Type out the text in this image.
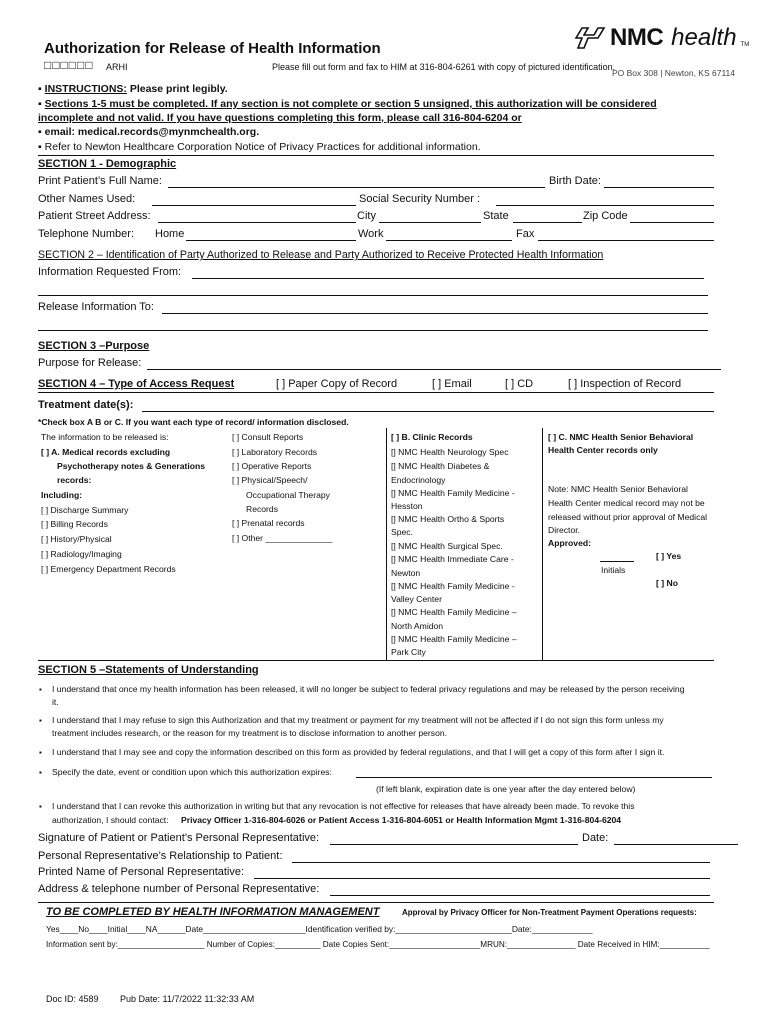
Authorization for Release of Health Information
□□□□□□ ARHI	Please fill out form and fax to HIM at 316-804-6261 with copy of pictured identification.
PO Box 308 | Newton, KS 67114
NMC health TM
▪ INSTRUCTIONS: Please print legibly.
▪ Sections 1-5 must be completed. If any section is not complete or section 5 unsigned, this authorization will be considered
incomplete and not valid. If you have questions completing this form, please call 316-804-6204 or
▪ email: medical.records@mynmchealth.org.
▪ Refer to Newton Healthcare Corporation Notice of Privacy Practices for additional information.
SECTION 1 - Demographic
Print Patient’s Full Name:	Birth Date:
Other Names Used:	Social Security Number :
Patient Street Address:	City	State	Zip Code
Telephone Number: Home	Work	Fax
SECTION 2 – Identification of Party Authorized to Release and Party Authorized to Receive Protected Health Information
Information Requested From:
Release Information To:
SECTION 3 –Purpose
Purpose for Release:
SECTION 4 – Type of Access Request	[ ] Paper Copy of Record	[ ] Email	[ ] CD	[ ] Inspection of Record
Treatment date(s):
*Check box A B or C. If you want each type of record/ information disclosed.
The information to be released is:
[ ] A. Medical records excluding
Psychotherapy notes & Generations
records:
Including:
[ ] Discharge Summary
[ ] Billing Records
[ ] History/Physical
[ ] Radiology/Imaging
[ ] Emergency Department Records
[ ] Consult Reports
[ ] Laboratory Records
[ ] Operative Reports
[ ] Physical/Speech/
Occupational Therapy
Records
[ ] Prenatal records
[ ] Other ______________
[ ] B. Clinic Records
[] NMC Health Neurology Spec
[] NMC Health Diabetes &
Endocrinology
[] NMC Health Family Medicine -
Hesston
[] NMC Health Ortho & Sports
Spec.
[] NMC Health Surgical Spec.
[] NMC Health Immediate Care -
Newton
[] NMC Health Family Medicine -
Valley Center
[] NMC Health Family Medicine –
North Amidon
[] NMC Health Family Medicine –
Park City
[ ] C. NMC Health Senior Behavioral
Health Center records only
Note: NMC Health Senior Behavioral
Health Center medical record may not be
released without prior approval of Medical
Director.
Approved:
Initials
[ ] Yes
[ ] No
SECTION 5 –Statements of Understanding
▪ I understand that once my health information has been released, it will no longer be subject to federal privacy regulations and may be released by the person receiving
it.
▪ I understand that I may refuse to sign this Authorization and that my treatment or payment for my treatment will not be affected if I do not sign this form unless my
treatment includes research, or the reason for my treatment is to disclose information to another person.
▪ I understand that I may see and copy the information described on this form as provided by federal regulations, and that I will get a copy of this form after I sign it.
▪ Specify the date, event or condition upon which this authorization expires:
(If left blank, expiration date is one year after the day entered below)
▪ I understand that I can revoke this authorization in writing but that any revocation is not effective for releases that have already been made. To revoke this
authorization, I should contact: Privacy Officer 1-316-804-6026 or Patient Access 1-316-804-6051 or Health Information Mgmt 1-316-804-6204
Signature of Patient or Patient’s Personal Representative:	Date:
Personal Representative’s Relationship to Patient:
Printed Name of Personal Representative:
Address & telephone number of Personal Representative:
TO BE COMPLETED BY HEALTH INFORMATION MANAGEMENT	Approval by Privacy Officer for Non-Treatment Payment Operations requests:
Yes____No____Initial____NA______Date______________________Identification verified by:_________________________Date:_____________
Information sent by:___________________ Number of Copies:__________ Date Copies Sent:____________________MRUN:_______________ Date Received in HIM:___________
Doc ID: 4589 Pub Date: 11/7/2022 11:32:33 AM
